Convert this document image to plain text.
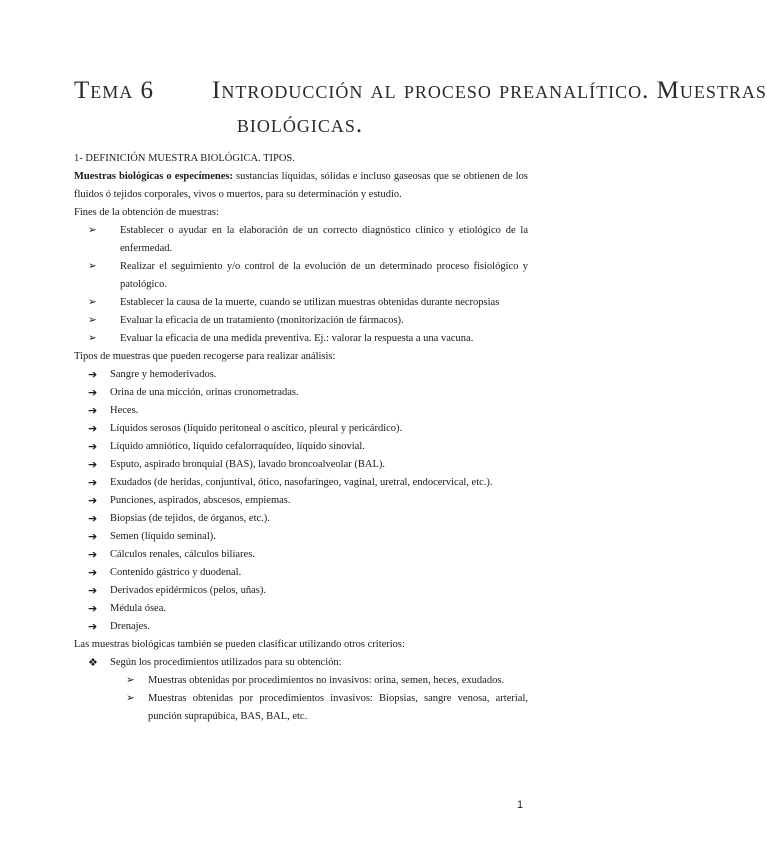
Tema 6        Introducción al proceso preanalítico. Muestras
biológicas.
1- DEFINICIÓN MUESTRA BIOLÓGICA. TIPOS.
Muestras biológicas o especímenes: sustancias líquidas, sólidas e incluso gaseosas que se obtienen de los fluidos ó tejidos corporales, vivos o muertos, para su determinación y estudio.
Fines de la obtención de muestras:
➢	Establecer o ayudar en la elaboración de un correcto diagnóstico clínico y etiológico de la enfermedad.
➢	Realizar el seguimiento y/o control de la evolución de un determinado proceso fisiológico y patológico.
➢	Establecer la causa de la muerte, cuando se utilizan muestras obtenidas durante necropsias
➢	Evaluar la eficacia de un tratamiento (monitorización de fármacos).
➢	Evaluar la eficacia de una medida preventiva. Ej.: valorar la respuesta a una vacuna.
Tipos de muestras que pueden recogerse para realizar análisis:
➔	Sangre y hemoderivados.
➔	Orina de una micción, orinas cronometradas.
➔	Heces.
➔	Líquidos serosos (líquido peritoneal o ascítico, pleural y pericárdico).
➔	Líquido amniótico, líquido cefalorraquídeo, líquido sinovial.
➔	Esputo, aspirado bronquial (BAS), lavado broncoalveolar (BAL).
➔	Exudados (de heridas, conjuntival, ótico, nasofaríngeo, vaginal, uretral, endocervical, etc.).
➔	Punciones, aspirados, abscesos, empiemas.
➔	Biopsias (de tejidos, de órganos, etc.).
➔	Semen (líquido seminal).
➔	Cálculos renales, cálculos biliares.
➔	Contenido gástrico y duodenal.
➔	Derivados epidérmicos (pelos, uñas).
➔	Médula ósea.
➔	Drenajes.
Las muestras biológicas también se pueden clasificar utilizando otros criterios:
❖ Según los procedimientos utilizados para su obtención:
➢ Muestras obtenidas por procedimientos no invasivos: orina, semen, heces, exudados.
➢ Muestras obtenidas por procedimientos invasivos: Biopsias, sangre venosa, arterial, punción suprapúbica, BAS, BAL, etc.
1
